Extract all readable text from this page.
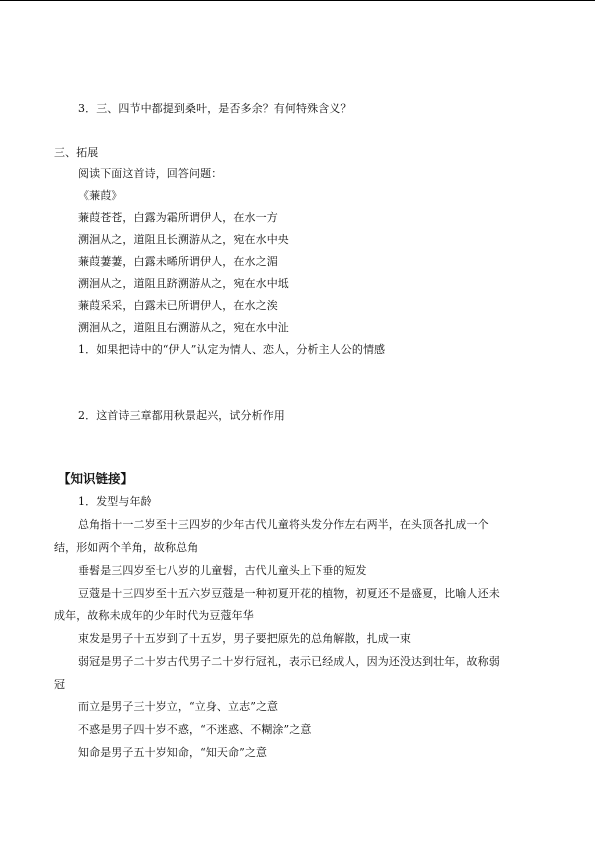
3．三、四节中都提到桑叶，是否多余？有何特殊含义？
三、拓展
阅读下面这首诗，回答问题：
《蒹葭》
蒹葭苍苍，白露为霜所谓伊人，在水一方
溯洄从之，道阻且长溯游从之，宛在水中央
蒹葭萋萋，白露未晞所谓伊人，在水之湄
溯洄从之，道阻且跻溯游从之，宛在水中坻
蒹葭采采，白露未已所谓伊人，在水之涘
溯洄从之，道阻且右溯游从之，宛在水中沚
1．如果把诗中的“伊人”认定为情人、恋人，分析主人公的情感
2．这首诗三章都用秋景起兴，试分析作用
【知识链接】
1．发型与年龄
总角指十一二岁至十三四岁的少年古代儿童将头发分作左右两半，在头顶各扎成一个
结，形如两个羊角，故称总角
垂髫是三四岁至七八岁的儿童髫，古代儿童头上下垂的短发
豆蔻是十三四岁至十五六岁豆蔻是一种初夏开花的植物，初夏还不是盛夏，比喻人还未
成年，故称未成年的少年时代为豆蔻年华
束发是男子十五岁到了十五岁，男子要把原先的总角解散，扎成一束
弱冠是男子二十岁古代男子二十岁行冠礼，表示已经成人，因为还没达到壮年，故称弱
冠
而立是男子三十岁立，“立身、立志”之意
不惑是男子四十岁不惑，“不迷惑、不糊涂”之意
知命是男子五十岁知命，“知天命”之意
